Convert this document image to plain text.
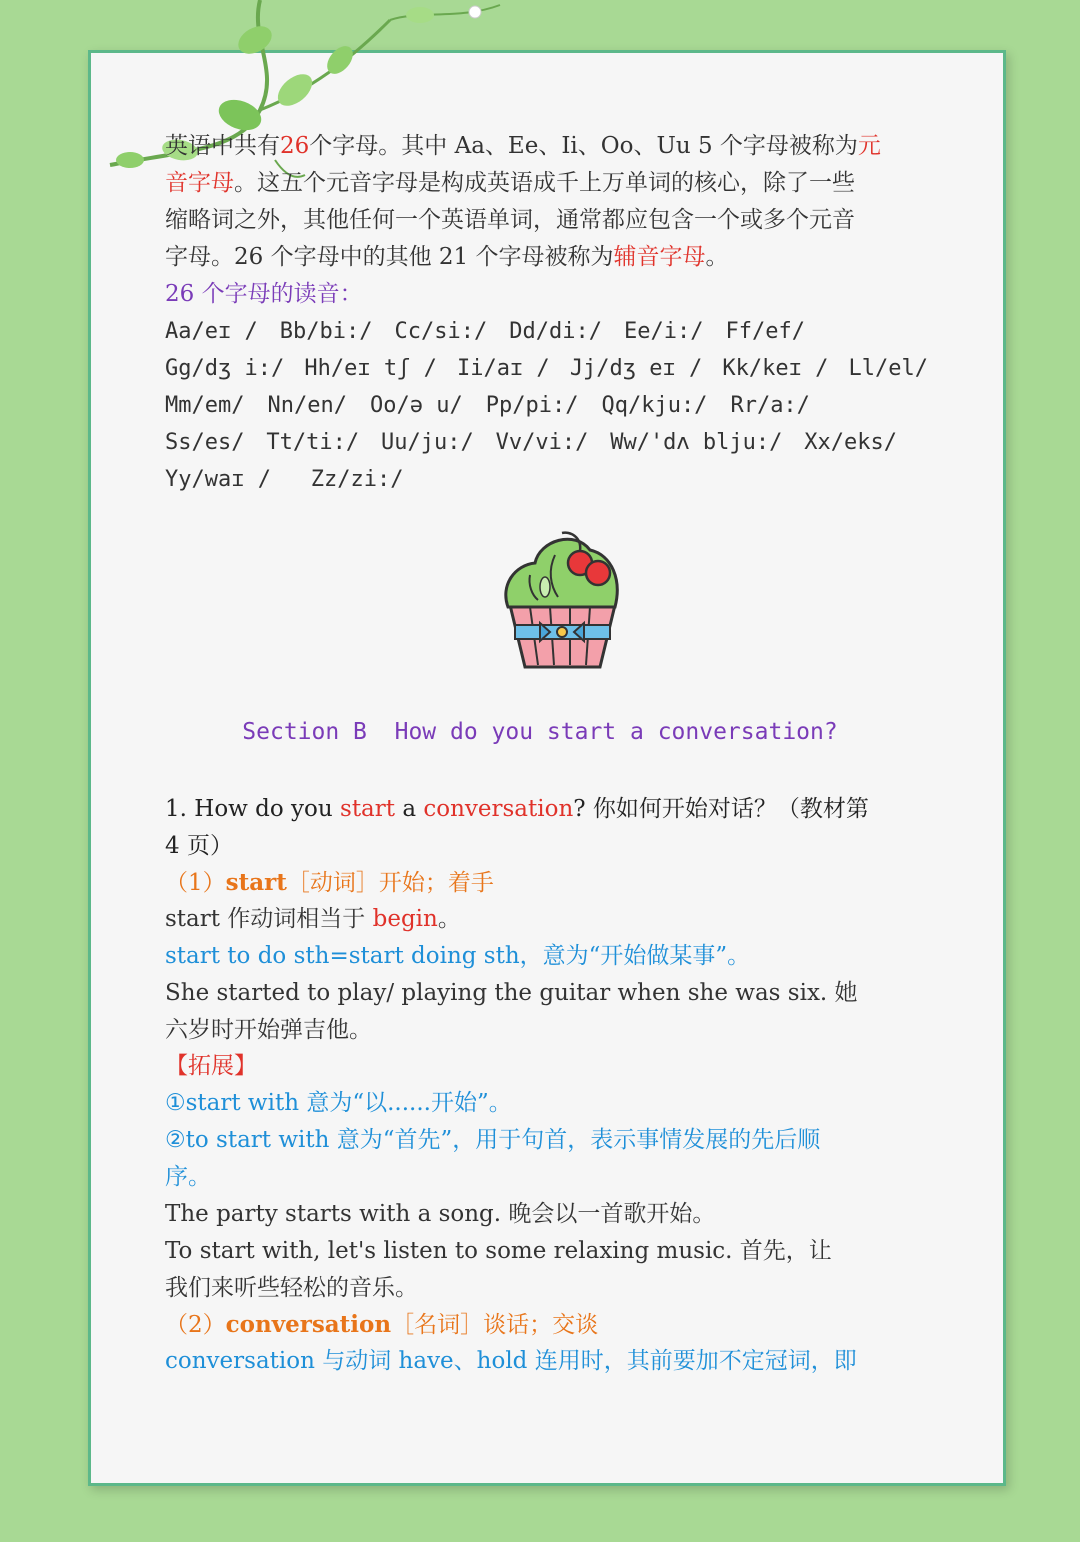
英语中共有26个字母。其中 Aa、Ee、Ii、Oo、Uu 5 个字母被称为元
音字母。这五个元音字母是构成英语成千上万单词的核心，除了一些
缩略词之外，其他任何一个英语单词，通常都应包含一个或多个元音
字母。26 个字母中的其他 21 个字母被称为辅音字母。
26 个字母的读音：
Aa/eɪ / Bb/bi:/ Cc/si:/ Dd/di:/ Ee/i:/ Ff/ef/
Gg/dʒ i:/ Hh/eɪ tʃ / Ii/aɪ / Jj/dʒ eɪ / Kk/keɪ / Ll/el/
Mm/em/ Nn/en/ Oo/ə u/ Pp/pi:/ Qq/kju:/ Rr/a:/
Ss/es/ Tt/ti:/ Uu/ju:/ Vv/vi:/ Ww/'dʌ blju:/ Xx/eks/
Yy/waɪ / Zz/zi:/
Section B  How do you start a conversation?
1. How do you start a conversation? 你如何开始对话？（教材第
4 页）
（1）start［动词］开始；着手
start 作动词相当于 begin。
start to do sth=start doing sth，意为“开始做某事”。
She started to play/ playing the guitar when she was six. 她
六岁时开始弹吉他。
【拓展】
①start with 意为“以......开始”。
②to start with 意为“首先”，用于句首，表示事情发展的先后顺
序。
The party starts with a song. 晚会以一首歌开始。
To start with, let's listen to some relaxing music. 首先，让
我们来听些轻松的音乐。
（2）conversation［名词］谈话；交谈
conversation 与动词 have、hold 连用时，其前要加不定冠词，即
